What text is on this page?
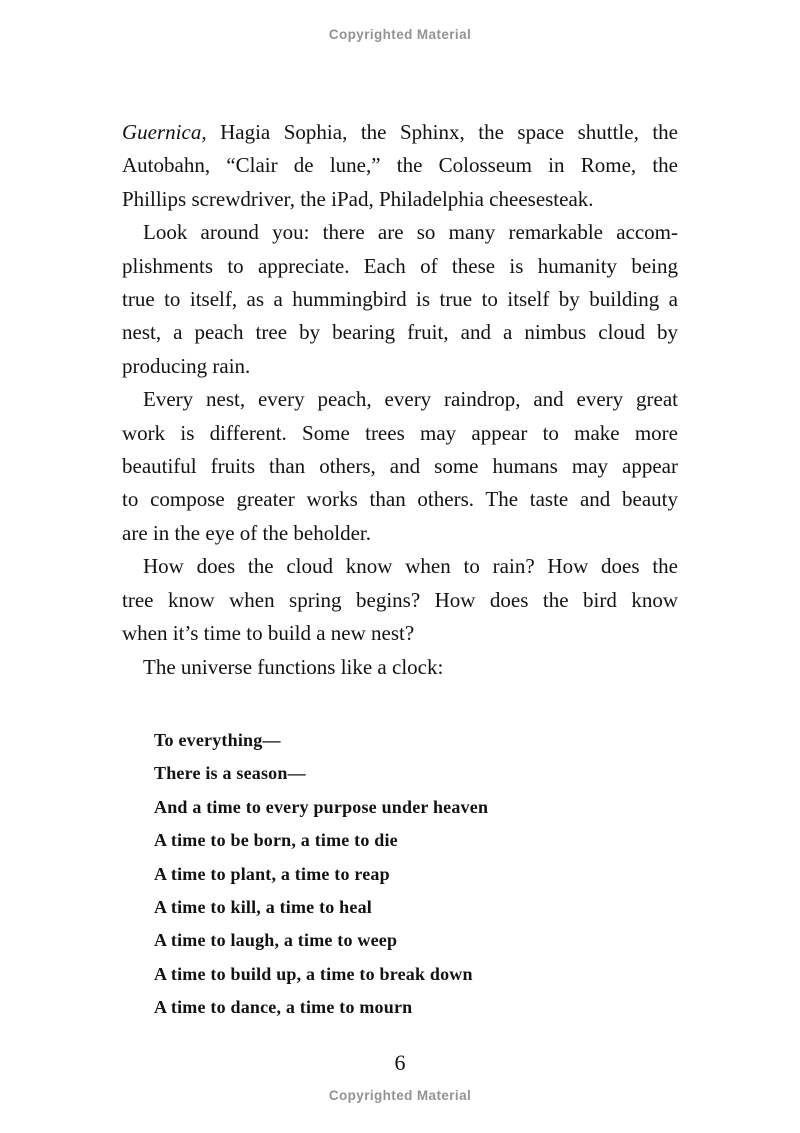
Copyrighted Material
Guernica, Hagia Sophia, the Sphinx, the space shuttle, the
Autobahn, “Clair de lune,” the Colosseum in Rome, the
Phillips screwdriver, the iPad, Philadelphia cheesesteak.
Look around you: there are so many remarkable accom-
plishments to appreciate. Each of these is humanity being
true to itself, as a hummingbird is true to itself by building a
nest, a peach tree by bearing fruit, and a nimbus cloud by
producing rain.
Every nest, every peach, every raindrop, and every great
work is different. Some trees may appear to make more
beautiful fruits than others, and some humans may appear
to compose greater works than others. The taste and beauty
are in the eye of the beholder.
How does the cloud know when to rain? How does the
tree know when spring begins? How does the bird know
when it’s time to build a new nest?
The universe functions like a clock:
To everything—
There is a season—
And a time to every purpose under heaven
A time to be born, a time to die
A time to plant, a time to reap
A time to kill, a time to heal
A time to laugh, a time to weep
A time to build up, a time to break down
A time to dance, a time to mourn
6
Copyrighted Material
